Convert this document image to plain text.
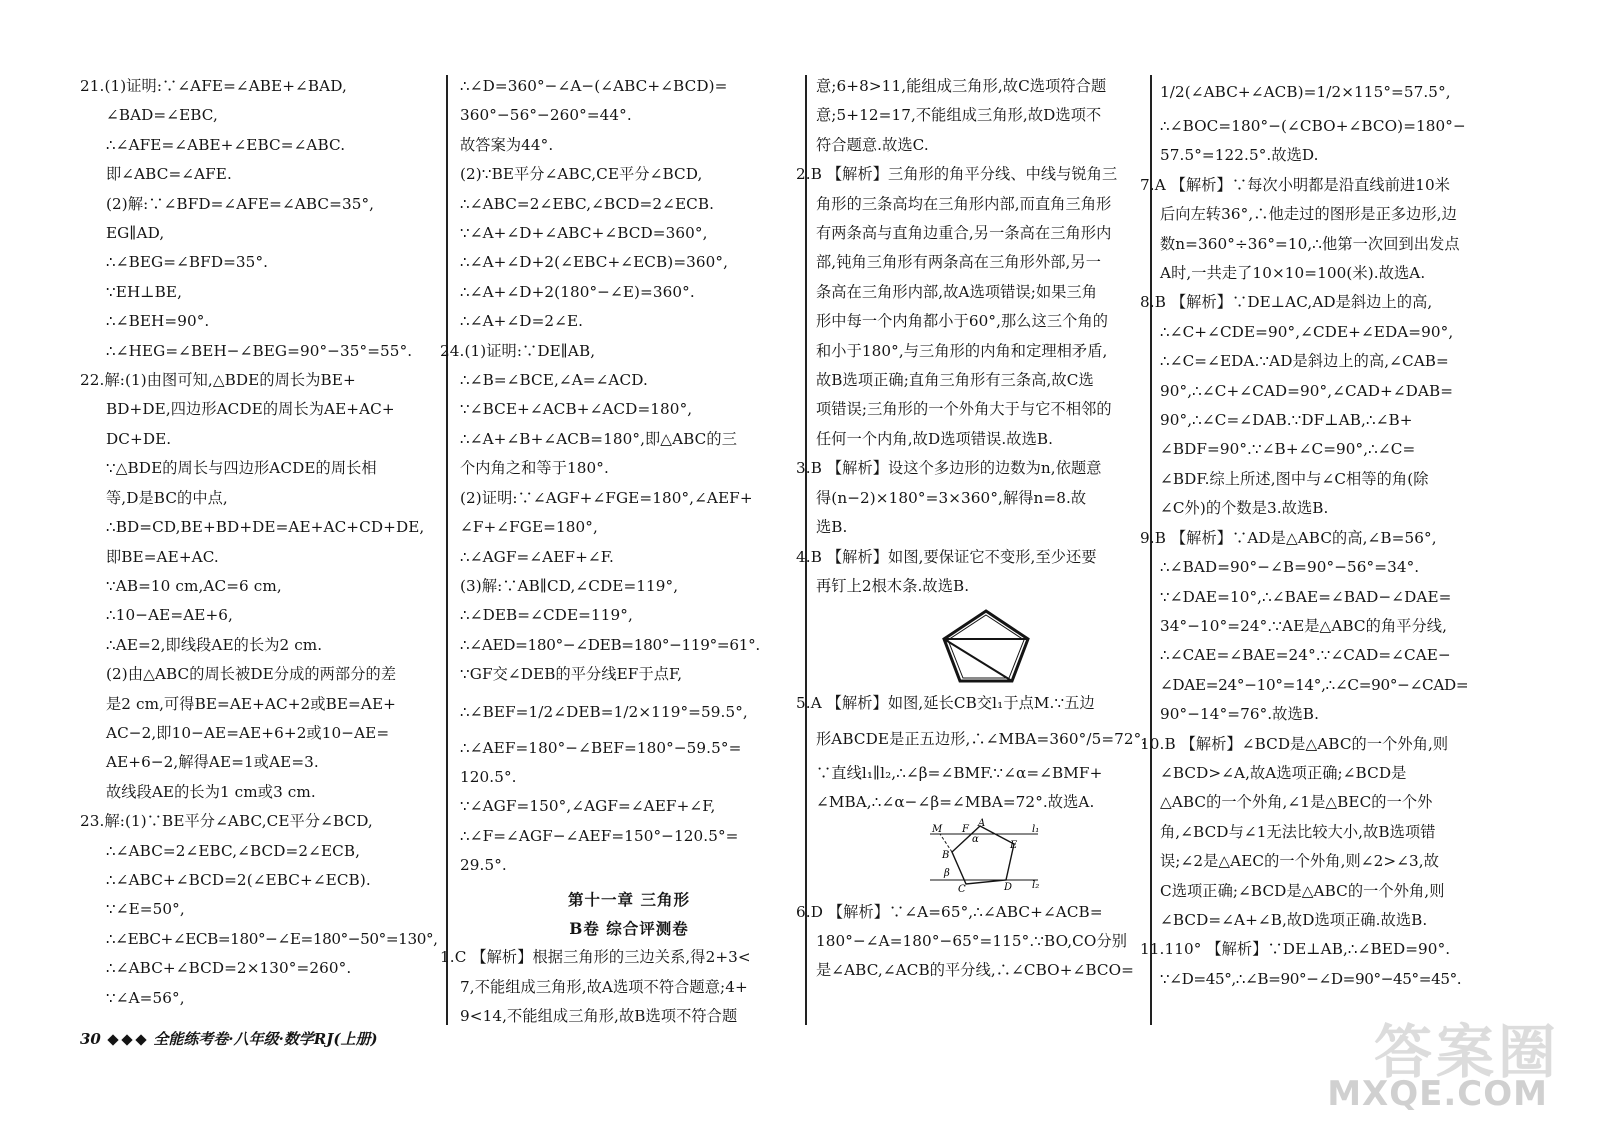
21.(1)证明:∵∠AFE=∠ABE+∠BAD,
∠BAD=∠EBC,
∴∠AFE=∠ABE+∠EBC=∠ABC.
即∠ABC=∠AFE.
(2)解:∵∠BFD=∠AFE=∠ABC=35°,
EG∥AD,
∴∠BEG=∠BFD=35°.
∵EH⊥BE,
∴∠BEH=90°.
∴∠HEG=∠BEH−∠BEG=90°−35°=55°.
22.解:(1)由图可知,△BDE的周长为BE+
BD+DE,四边形ACDE的周长为AE+AC+
DC+DE.
∵△BDE的周长与四边形ACDE的周长相
等,D是BC的中点,
∴BD=CD,BE+BD+DE=AE+AC+CD+DE,
即BE=AE+AC.
∵AB=10 cm,AC=6 cm,
∴10−AE=AE+6,
∴AE=2,即线段AE的长为2 cm.
(2)由△ABC的周长被DE分成的两部分的差
是2 cm,可得BE=AE+AC+2或BE=AE+
AC−2,即10−AE=AE+6+2或10−AE=
AE+6−2,解得AE=1或AE=3.
故线段AE的长为1 cm或3 cm.
23.解:(1)∵BE平分∠ABC,CE平分∠BCD,
∴∠ABC=2∠EBC,∠BCD=2∠ECB,
∴∠ABC+∠BCD=2(∠EBC+∠ECB).
∵∠E=50°,
∴∠EBC+∠ECB=180°−∠E=180°−50°=130°,
∴∠ABC+∠BCD=2×130°=260°.
∵∠A=56°,
∴∠D=360°−∠A−(∠ABC+∠BCD)=
360°−56°−260°=44°.
故答案为44°.
(2)∵BE平分∠ABC,CE平分∠BCD,
∴∠ABC=2∠EBC,∠BCD=2∠ECB.
∵∠A+∠D+∠ABC+∠BCD=360°,
∴∠A+∠D+2(∠EBC+∠ECB)=360°,
∴∠A+∠D+2(180°−∠E)=360°.
∴∠A+∠D=2∠E.
24.(1)证明:∵DE∥AB,
∴∠B=∠BCE,∠A=∠ACD.
∵∠BCE+∠ACB+∠ACD=180°,
∴∠A+∠B+∠ACB=180°,即△ABC的三
个内角之和等于180°.
(2)证明:∵∠AGF+∠FGE=180°,∠AEF+
∠F+∠FGE=180°,
∴∠AGF=∠AEF+∠F.
(3)解:∵AB∥CD,∠CDE=119°,
∴∠DEB=∠CDE=119°,
∴∠AED=180°−∠DEB=180°−119°=61°.
∵GF交∠DEB的平分线EF于点F,
∴∠BEF=1/2∠DEB=1/2×119°=59.5°,
∴∠AEF=180°−∠BEF=180°−59.5°=
120.5°.
∵∠AGF=150°,∠AGF=∠AEF+∠F,
∴∠F=∠AGF−∠AEF=150°−120.5°=
29.5°.
第十一章 三角形
B卷 综合评测卷
1.C 【解析】根据三角形的三边关系,得2+3<
7,不能组成三角形,故A选项不符合题意;4+
9<14,不能组成三角形,故B选项不符合题
意;6+8>11,能组成三角形,故C选项符合题
意;5+12=17,不能组成三角形,故D选项不
符合题意.故选C.
2.B 【解析】三角形的角平分线、中线与锐角三
角形的三条高均在三角形内部,而直角三角形
有两条高与直角边重合,另一条高在三角形内
部,钝角三角形有两条高在三角形外部,另一
条高在三角形内部,故A选项错误;如果三角
形中每一个内角都小于60°,那么这三个角的
和小于180°,与三角形的内角和定理相矛盾,
故B选项正确;直角三角形有三条高,故C选
项错误;三角形的一个外角大于与它不相邻的
任何一个内角,故D选项错误.故选B.
3.B 【解析】设这个多边形的边数为n,依题意
得(n−2)×180°=3×360°,解得n=8.故
选B.
4.B 【解析】如图,要保证它不变形,至少还要
再钉上2根木条.故选B.
5.A 【解析】如图,延长CB交l₁于点M.∵五边
形ABCDE是正五边形,∴∠MBA=360°/5=72°.
∵直线l₁∥l₂,∴∠β=∠BMF.∵∠α=∠BMF+
∠MBA,∴∠α−∠β=∠MBA=72°.故选A.
M F
A
α
E
l₁
B
β
C	D l₂
6.D 【解析】∵∠A=65°,∴∠ABC+∠ACB=
180°−∠A=180°−65°=115°.∵BO,CO分别
是∠ABC,∠ACB的平分线,∴∠CBO+∠BCO=
1/2(∠ABC+∠ACB)=1/2×115°=57.5°,
∴∠BOC=180°−(∠CBO+∠BCO)=180°−
57.5°=122.5°.故选D.
7.A 【解析】∵每次小明都是沿直线前进10米
后向左转36°,∴他走过的图形是正多边形,边
数n=360°÷36°=10,∴他第一次回到出发点
A时,一共走了10×10=100(米).故选A.
8.B 【解析】∵DE⊥AC,AD是斜边上的高,
∴∠C+∠CDE=90°,∠CDE+∠EDA=90°,
∴∠C=∠EDA.∵AD是斜边上的高,∠CAB=
90°,∴∠C+∠CAD=90°,∠CAD+∠DAB=
90°,∴∠C=∠DAB.∵DF⊥AB,∴∠B+
∠BDF=90°.∵∠B+∠C=90°,∴∠C=
∠BDF.综上所述,图中与∠C相等的角(除
∠C外)的个数是3.故选B.
9.B 【解析】∵AD是△ABC的高,∠B=56°,
∴∠BAD=90°−∠B=90°−56°=34°.
∵∠DAE=10°,∴∠BAE=∠BAD−∠DAE=
34°−10°=24°.∵AE是△ABC的角平分线,
∴∠CAE=∠BAE=24°.∵∠CAD=∠CAE−
∠DAE=24°−10°=14°,∴∠C=90°−∠CAD=
90°−14°=76°.故选B.
10.B 【解析】∠BCD是△ABC的一个外角,则
∠BCD>∠A,故A选项正确;∠BCD是
△ABC的一个外角,∠1是△BEC的一个外
角,∠BCD与∠1无法比较大小,故B选项错
误;∠2是△AEC的一个外角,则∠2>∠3,故
C选项正确;∠BCD是△ABC的一个外角,则
∠BCD=∠A+∠B,故D选项正确.故选B.
11.110° 【解析】∵DE⊥AB,∴∠BED=90°.
∵∠D=45°,∴∠B=90°−∠D=90°−45°=45°.
30	全能练考卷·八年级·数学RJ(上册)	答案圈
MXQE.COM
